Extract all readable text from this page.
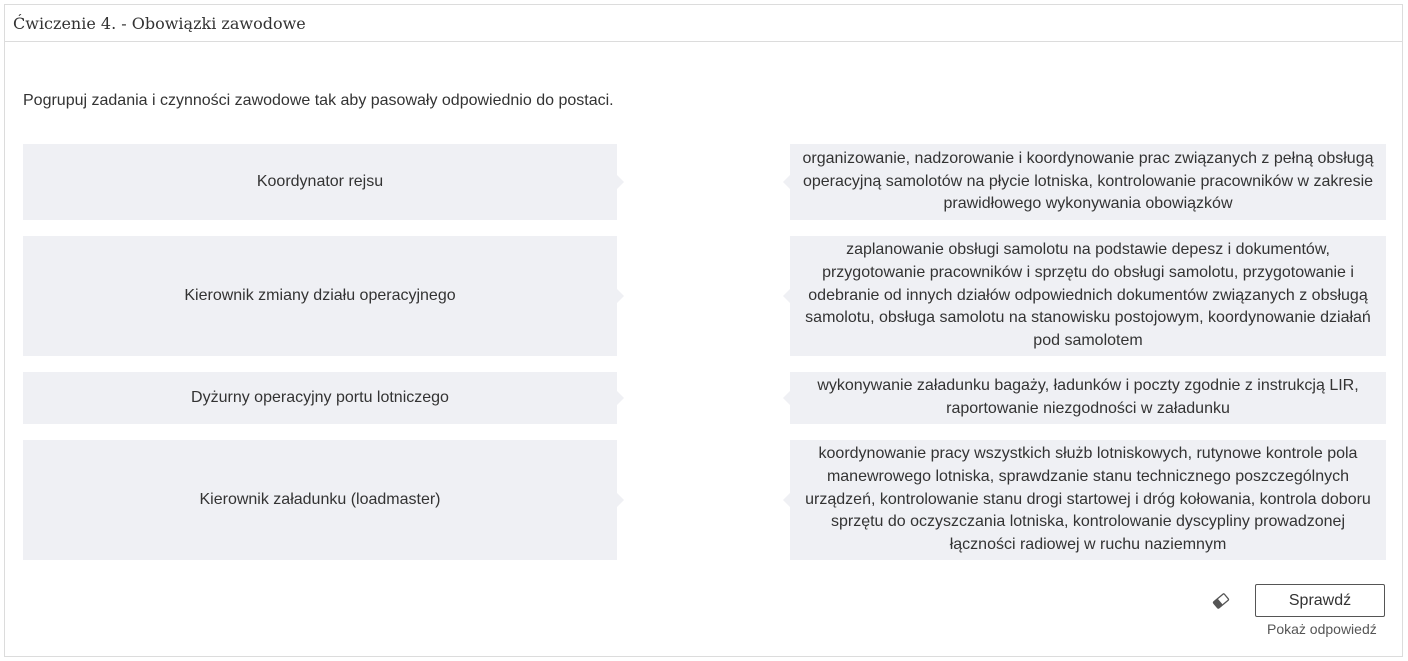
Ćwiczenie 4. - Obowiązki zawodowe
Pogrupuj zadania i czynności zawodowe tak aby pasowały odpowiednio do postaci.
Koordynator rejsu
organizowanie, nadzorowanie i koordynowanie prac związanych z pełną obsługą operacyjną samolotów na płycie lotniska, kontrolowanie pracowników w zakresie prawidłowego wykonywania obowiązków
Kierownik zmiany działu operacyjnego
zaplanowanie obsługi samolotu na podstawie depesz i dokumentów, przygotowanie pracowników i sprzętu do obsługi samolotu, przygotowanie i odebranie od innych działów odpowiednich dokumentów związanych z obsługą samolotu, obsługa samolotu na stanowisku postojowym, koordynowanie działań pod samolotem
Dyżurny operacyjny portu lotniczego
wykonywanie załadunku bagaży, ładunków i poczty zgodnie z instrukcją LIR, raportowanie niezgodności w załadunku
Kierownik załadunku (loadmaster)
koordynowanie pracy wszystkich służb lotniskowych, rutynowe kontrole pola manewrowego lotniska, sprawdzanie stanu technicznego poszczególnych urządzeń, kontrolowanie stanu drogi startowej i dróg kołowania, kontrola doboru sprzętu do oczyszczania lotniska, kontrolowanie dyscypliny prowadzonej łączności radiowej w ruchu naziemnym
Sprawdź
Pokaż odpowiedź
